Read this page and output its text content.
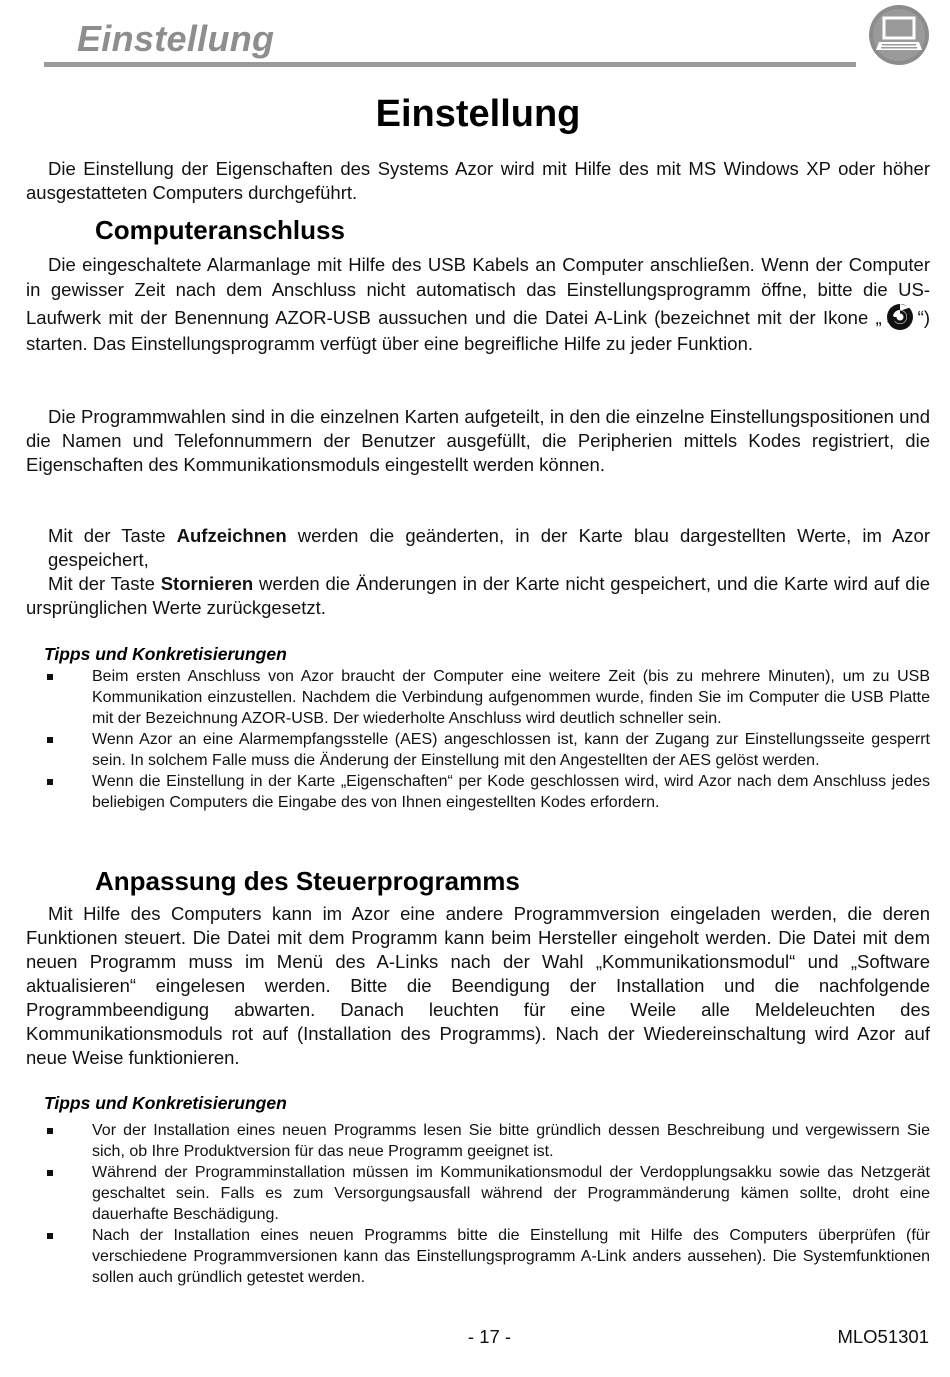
Einstellung
Einstellung
Die Einstellung der Eigenschaften des Systems Azor wird mit Hilfe des mit MS Windows XP oder höher ausgestatteten Computers durchgeführt.
Computeranschluss
Die eingeschaltete Alarmanlage mit Hilfe des USB Kabels an Computer anschließen. Wenn der Computer in gewisser Zeit nach dem Anschluss nicht automatisch das Einstellungsprogramm öffne, bitte die US-Laufwerk mit der Benennung AZOR-USB aussuchen und die Datei A-Link (bezeichnet mit der Ikone „ “) starten. Das Einstellungsprogramm verfügt über eine begreifliche Hilfe zu jeder Funktion.
Die Programmwahlen sind in die einzelnen Karten aufgeteilt, in den die einzelne Einstellungspositionen und die Namen und Telefonnummern der Benutzer ausgefüllt, die Peripherien mittels Kodes registriert, die Eigenschaften des Kommunikationsmoduls eingestellt werden können.
Mit der Taste Aufzeichnen werden die geänderten, in der Karte blau dargestellten Werte, im Azor gespeichert,
Mit der Taste Stornieren werden die Änderungen in der Karte nicht gespeichert, und die Karte wird auf die ursprünglichen Werte zurückgesetzt.
Tipps und Konkretisierungen
Beim ersten Anschluss von Azor braucht der Computer eine weitere Zeit (bis zu mehrere Minuten), um zu USB Kommunikation einzustellen. Nachdem die Verbindung aufgenommen wurde, finden Sie im Computer die USB Platte mit der Bezeichnung AZOR-USB. Der wiederholte Anschluss wird deutlich schneller sein.
Wenn Azor an eine Alarmempfangsstelle (AES) angeschlossen ist, kann der Zugang zur Einstellungsseite gesperrt sein. In solchem Falle muss die Änderung der Einstellung mit den Angestellten der AES gelöst werden.
Wenn die Einstellung in der Karte „Eigenschaften“ per Kode geschlossen wird, wird Azor nach dem Anschluss jedes beliebigen Computers die Eingabe des von Ihnen eingestellten Kodes erfordern.
Anpassung des Steuerprogramms
Mit Hilfe des Computers kann im Azor eine andere Programmversion eingeladen werden, die deren Funktionen steuert. Die Datei mit dem Programm kann beim Hersteller eingeholt werden. Die Datei mit dem neuen Programm muss im Menü des A-Links nach der Wahl „Kommunikationsmodul“ und „Software aktualisieren“ eingelesen werden. Bitte die Beendigung der Installation und die nachfolgende Programmbeendigung abwarten. Danach leuchten für eine Weile alle Meldeleuchten des Kommunikationsmoduls rot auf (Installation des Programms). Nach der Wiedereinschaltung wird Azor auf neue Weise funktionieren.
Tipps und Konkretisierungen
Vor der Installation eines neuen Programms lesen Sie bitte gründlich dessen Beschreibung und vergewissern Sie sich, ob Ihre Produktversion für das neue Programm geeignet ist.
Während der Programminstallation müssen im Kommunikationsmodul der Verdopplungsakku sowie das Netzgerät geschaltet sein. Falls es zum Versorgungsausfall während der Programmänderung kämen sollte, droht eine dauerhafte Beschädigung.
Nach der Installation eines neuen Programms bitte die Einstellung mit Hilfe des Computers überprüfen (für verschiedene Programmversionen kann das Einstellungsprogramm A-Link anders aussehen). Die Systemfunktionen sollen auch gründlich getestet werden.
- 17 -	MLO51301
